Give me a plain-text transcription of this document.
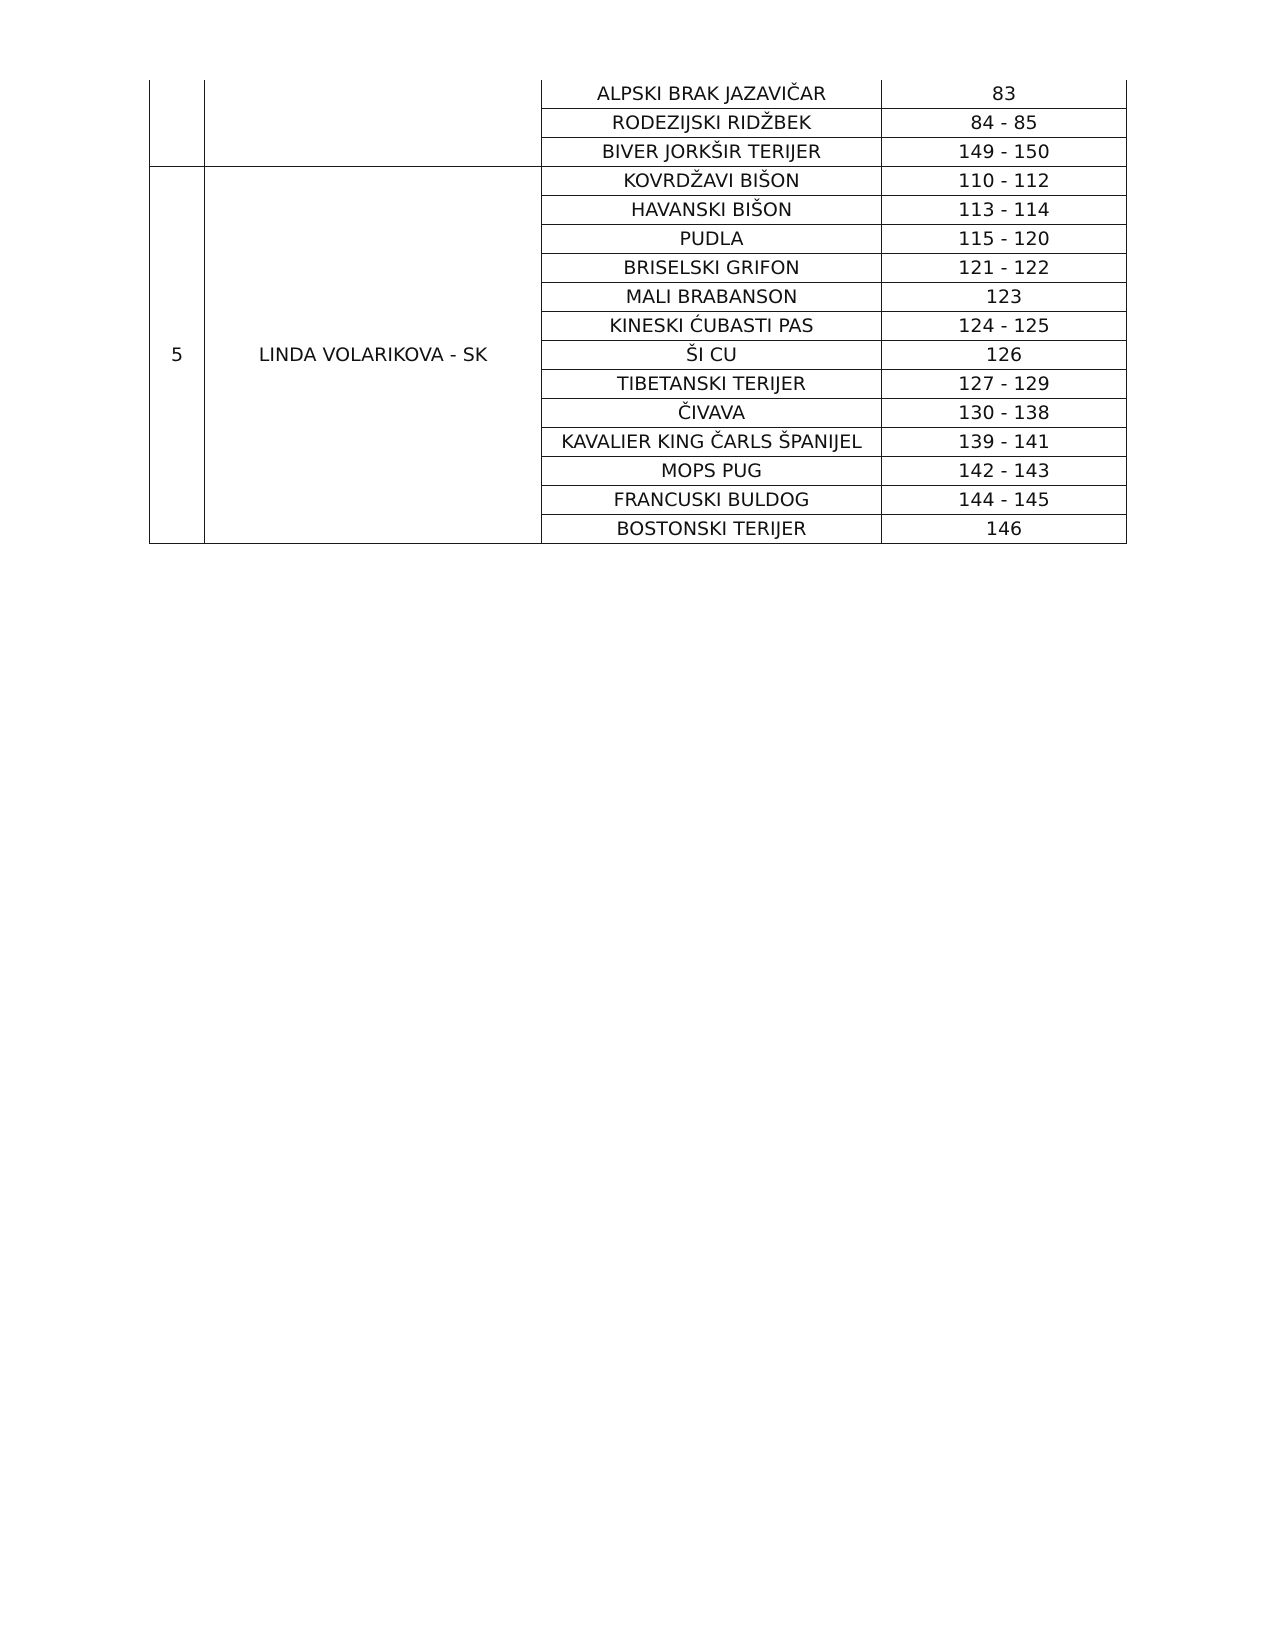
		ALPSKI BRAK JAZAVIČAR	83
		RODEZIJSKI RIDŽBEK	84 - 85
		BIVER JORKŠIR TERIJER	149 - 150
5	LINDA VOLARIKOVA - SK	KOVRDŽAVI BIŠON	110 - 112
		HAVANSKI BIŠON	113 - 114
		PUDLA	115 - 120
		BRISELSKI GRIFON	121 - 122
		MALI BRABANSON	123
		KINESKI ĆUBASTI PAS	124 - 125
		ŠI CU	126
		TIBETANSKI TERIJER	127 - 129
		ČIVAVA	130 - 138
		KAVALIER KING ČARLS ŠPANIJEL	139 - 141
		MOPS PUG	142 - 143
		FRANCUSKI BULDOG	144 - 145
		BOSTONSKI TERIJER	146
